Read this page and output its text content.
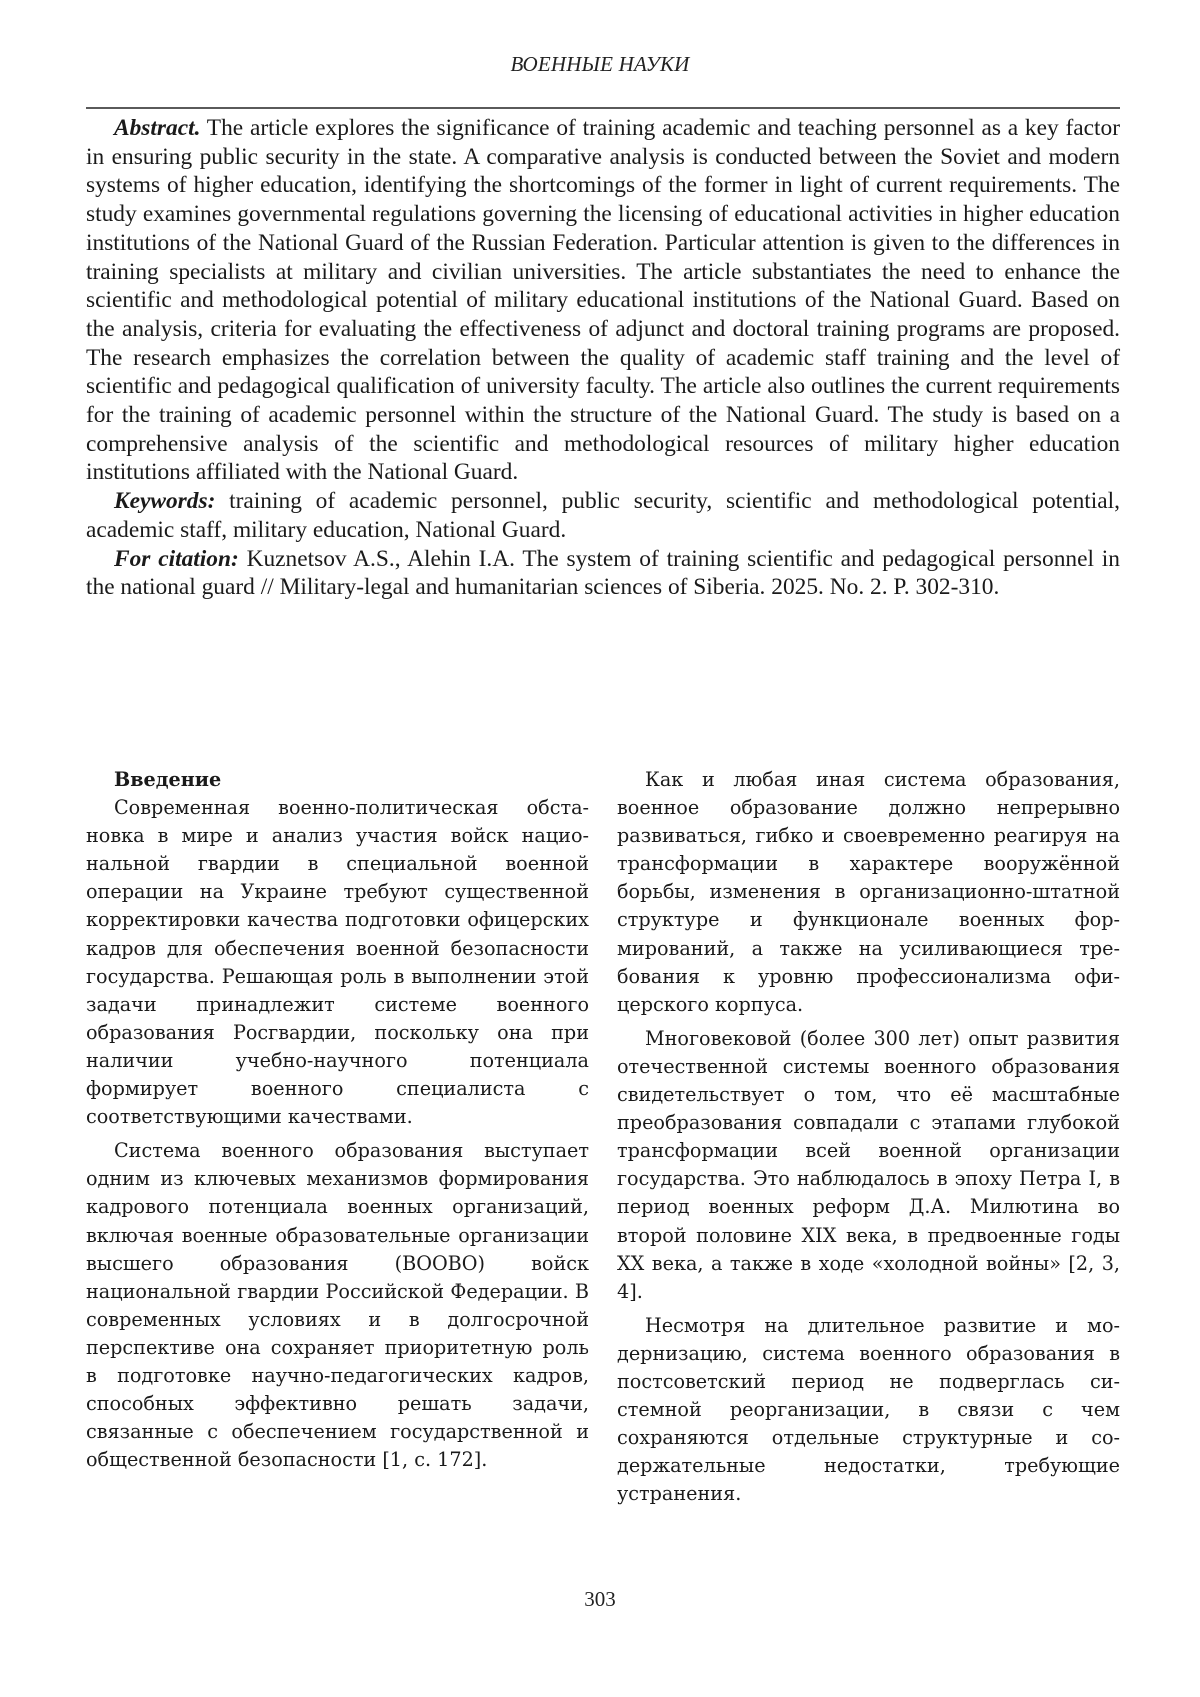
ВОЕННЫЕ НАУКИ

Abstract. The article explores the significance of training academic and teaching personnel as a key factor in ensuring public security in the state. A comparative analysis is conducted between the Soviet and modern systems of higher education, identifying the shortcomings of the former in light of current requirements. The study examines governmental regulations governing the licensing of educational activities in higher education institutions of the National Guard of the Russian Federation. Particular attention is given to the differences in training specialists at military and civilian universities. The article substantiates the need to enhance the scientific and methodological potential of military educational institutions of the National Guard. Based on the analysis, criteria for evaluating the effectiveness of adjunct and doctoral training programs are proposed. The research emphasizes the correlation between the quality of academic staff training and the level of scientific and pedagogical qualification of university faculty. The article also outlines the current requirements for the training of academic personnel within the structure of the National Guard. The study is based on a comprehensive analysis of the scientific and methodological resources of military higher education institutions affiliated with the National Guard.

Keywords: training of academic personnel, public security, scientific and methodological potential, academic staff, military education, National Guard.

For citation: Kuznetsov A.S., Alehin I.A. The system of training scientific and pedagogical personnel in the national guard // Military-legal and humanitarian sciences of Siberia. 2025. No. 2. P. 302-310.

Введение

Современная военно-политическая обстановка в мире и анализ участия войск национальной гвардии в специальной военной операции на Украине требуют существенной корректировки качества подготовки офицерских кадров для обеспечения военной безопасности государства. Решающая роль в выполнении этой задачи принадлежит системе военного образования Росгвардии, поскольку она при наличии учебно-научного потенциала формирует военного специалиста с соответствующими качествами.

Система военного образования выступает одним из ключевых механизмов формирования кадрового потенциала военных организаций, включая военные образовательные организации высшего образования (ВООВО) войск национальной гвардии Российской Федерации. В современных условиях и в долгосрочной перспективе она сохраняет приоритетную роль в подготовке научно-педагогических кадров, способных эффективно решать задачи, связанные с обеспечением государственной и общественной безопасности [1, с. 172].

Как и любая иная система образования, военное образование должно непрерывно развиваться, гибко и своевременно реагируя на трансформации в характере вооружённой борьбы, изменения в организационно-штатной структуре и функционале военных формирований, а также на усиливающиеся требования к уровню профессионализма офицерского корпуса.

Многовековой (более 300 лет) опыт развития отечественной системы военного образования свидетельствует о том, что её масштабные преобразования совпадали с этапами глубокой трансформации всей военной организации государства. Это наблюдалось в эпоху Петра I, в период военных реформ Д.А. Милютина во второй половине XIX века, в предвоенные годы XX века, а также в ходе «холодной войны» [2, 3, 4].

Несмотря на длительное развитие и модернизацию, система военного образования в постсоветский период не подверглась системной реорганизации, в связи с чем сохраняются отдельные структурные и содержательные недостатки, требующие устранения.

303
